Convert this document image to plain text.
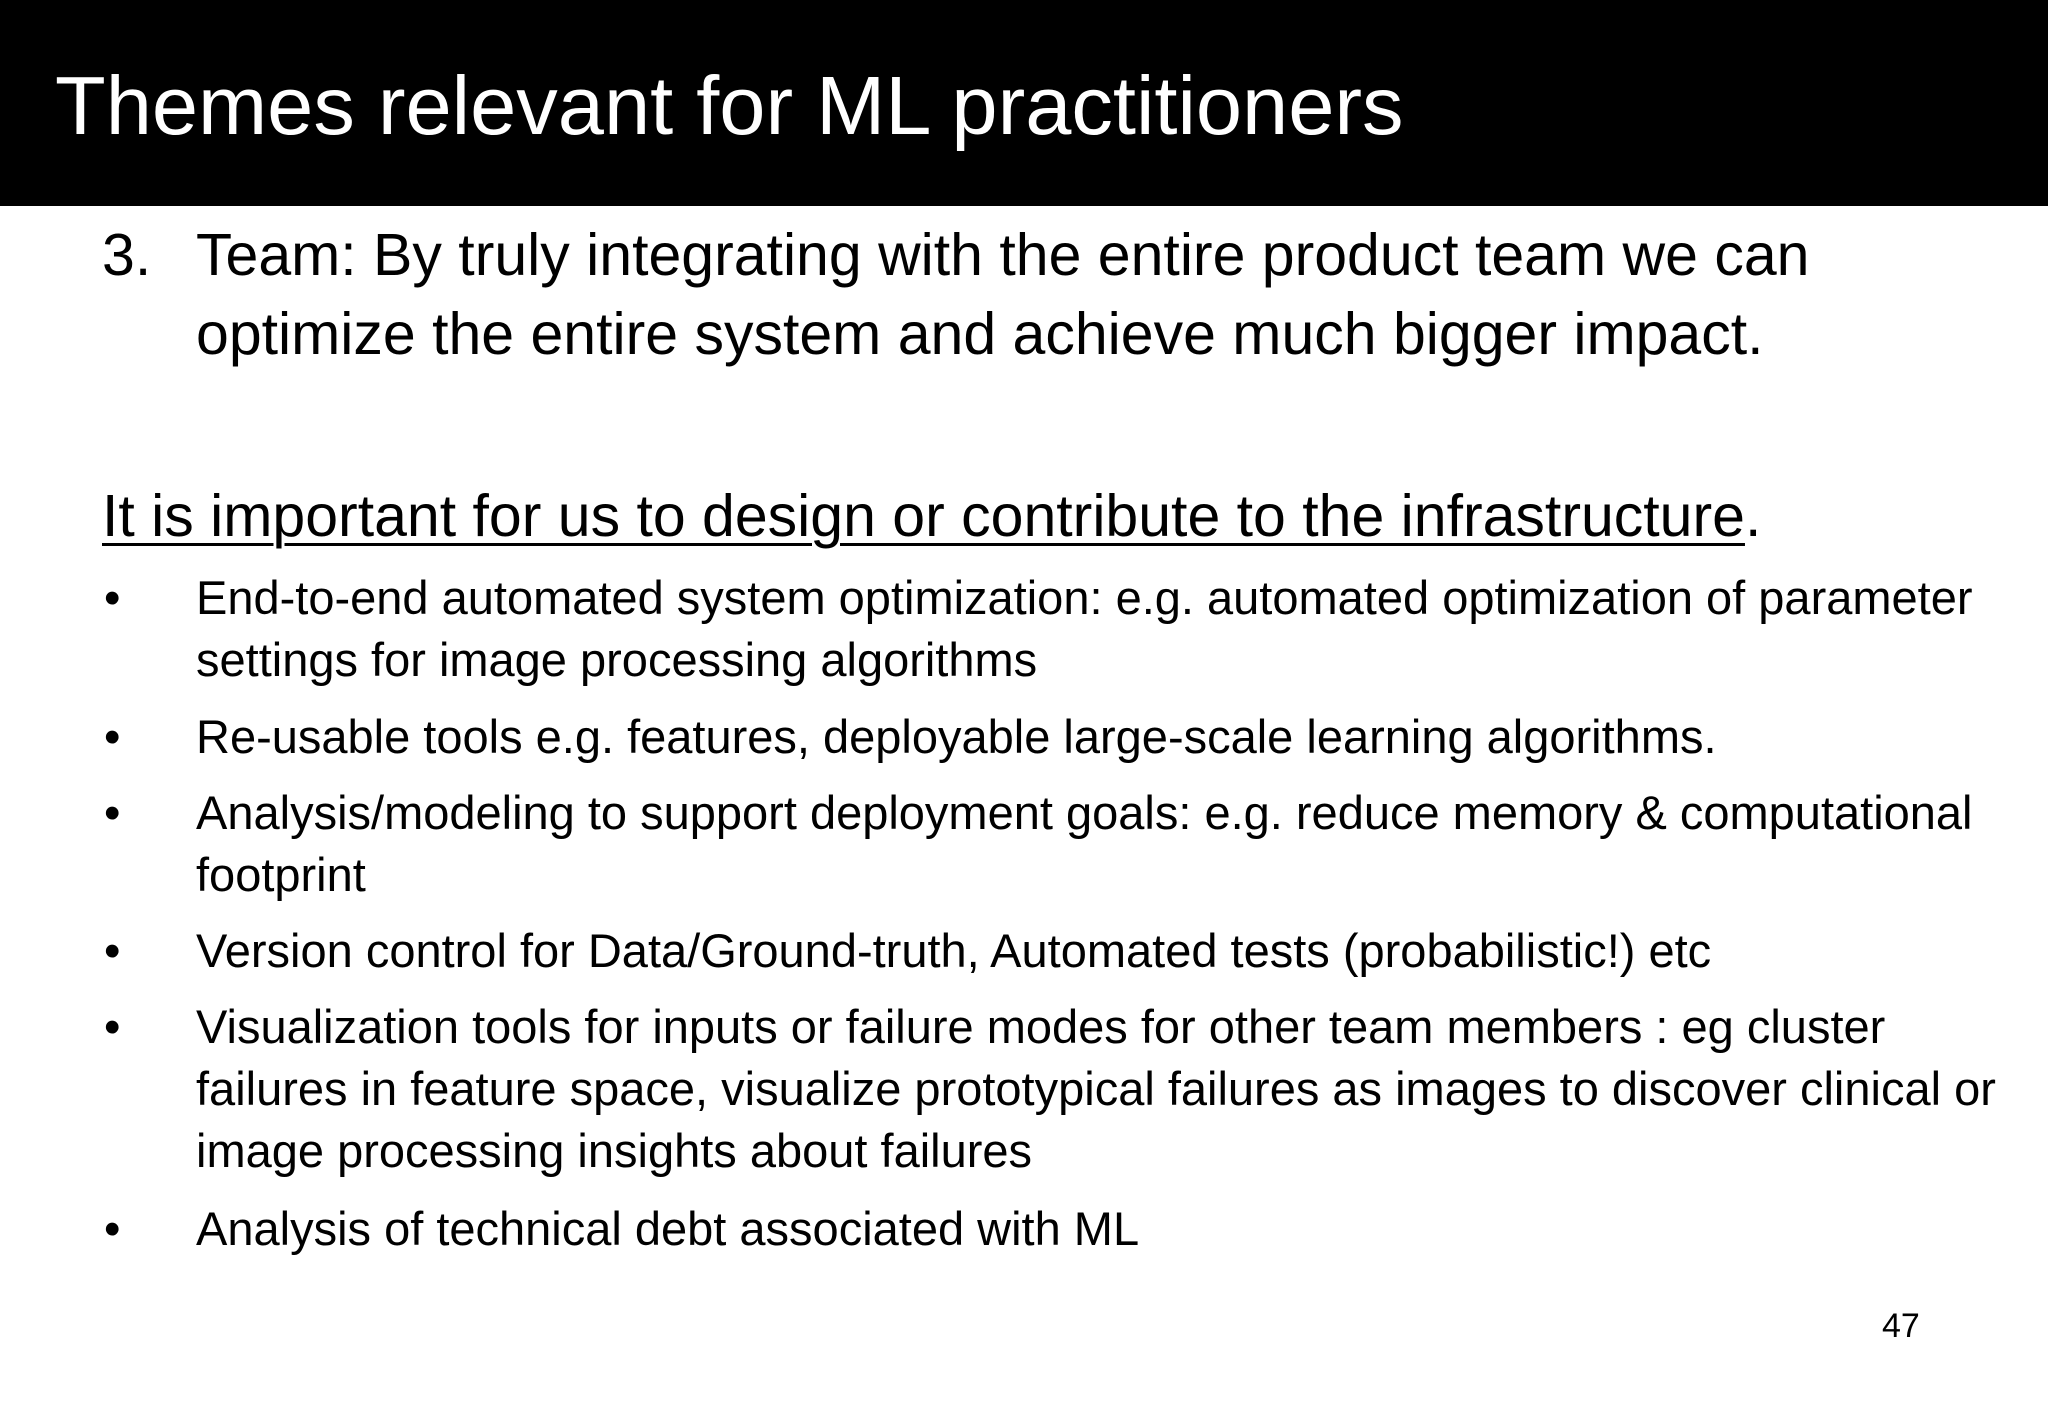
Themes relevant for ML practitioners
3. Team: By truly integrating with the entire product team we can optimize the entire system and achieve much bigger impact.
It is important for us to design or contribute to the infrastructure.
• End-to-end automated system optimization: e.g. automated optimization of parameter settings for image processing algorithms
• Re-usable tools e.g. features, deployable large-scale learning algorithms.
• Analysis/modeling to support deployment goals: e.g. reduce memory & computational footprint
• Version control for Data/Ground-truth, Automated tests (probabilistic!) etc
• Visualization tools for inputs or failure modes for other team members : eg cluster failures in feature space, visualize prototypical failures as images to discover clinical or image processing insights about failures
• Analysis of technical debt associated with ML
47
